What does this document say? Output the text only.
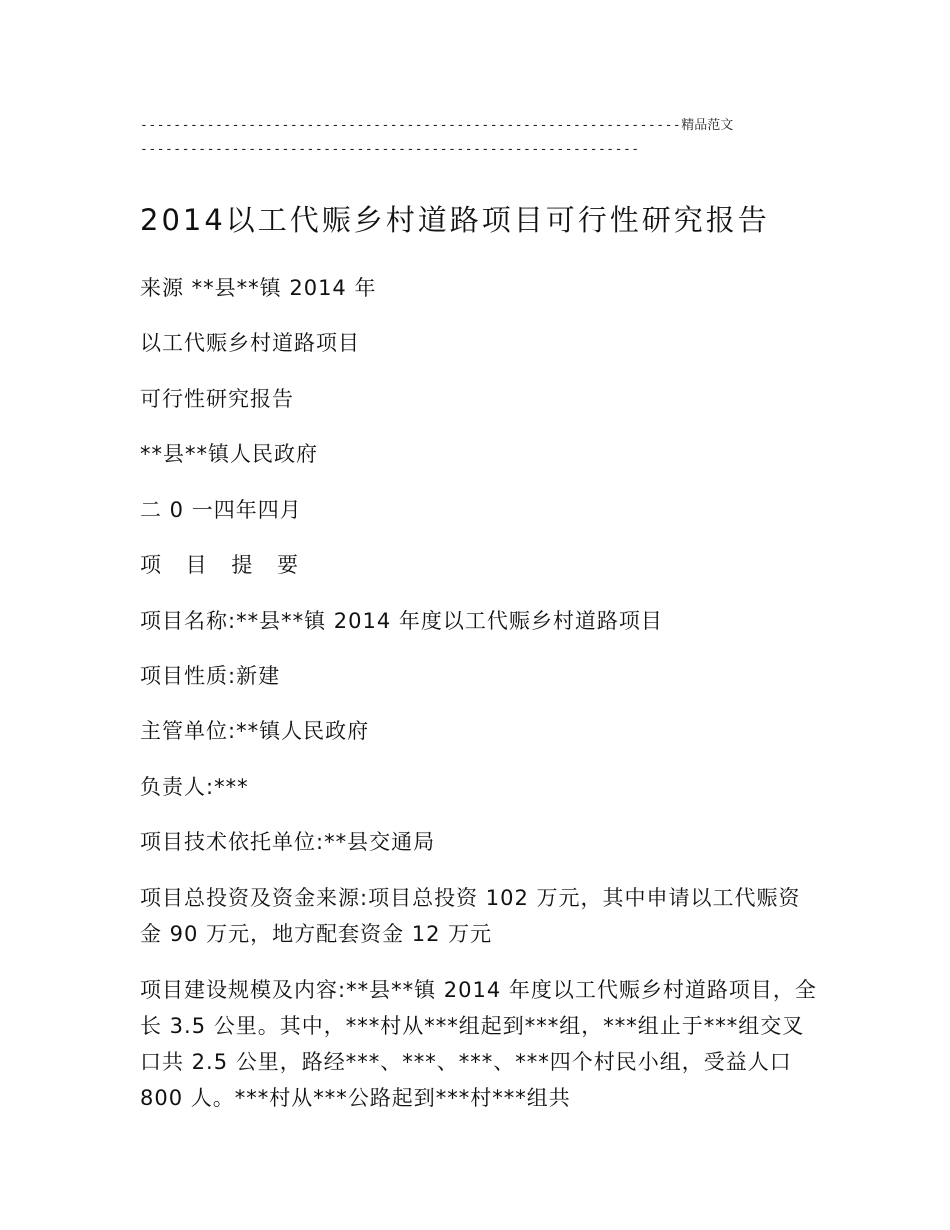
-----------------------------------------------------------------精品范文
------------------------------------------------------------
2014以工代赈乡村道路项目可行性研究报告
来源 **县**镇 2014 年
以工代赈乡村道路项目
可行性研究报告
**县**镇人民政府
二 0 一四年四月
项 目 提 要
项目名称:**县**镇 2014 年度以工代赈乡村道路项目
项目性质:新建
主管单位:**镇人民政府
负责人:***
项目技术依托单位:**县交通局
项目总投资及资金来源:项目总投资 102 万元，其中申请以工代赈资金 90 万元，地方配套资金 12 万元
项目建设规模及内容:**县**镇 2014 年度以工代赈乡村道路项目，全长 3.5 公里。其中，***村从***组起到***组，***组止于***组交叉口共 2.5 公里，路经***、***、***、***四个村民小组，受益人口 800 人。***村从***公路起到***村***组共
